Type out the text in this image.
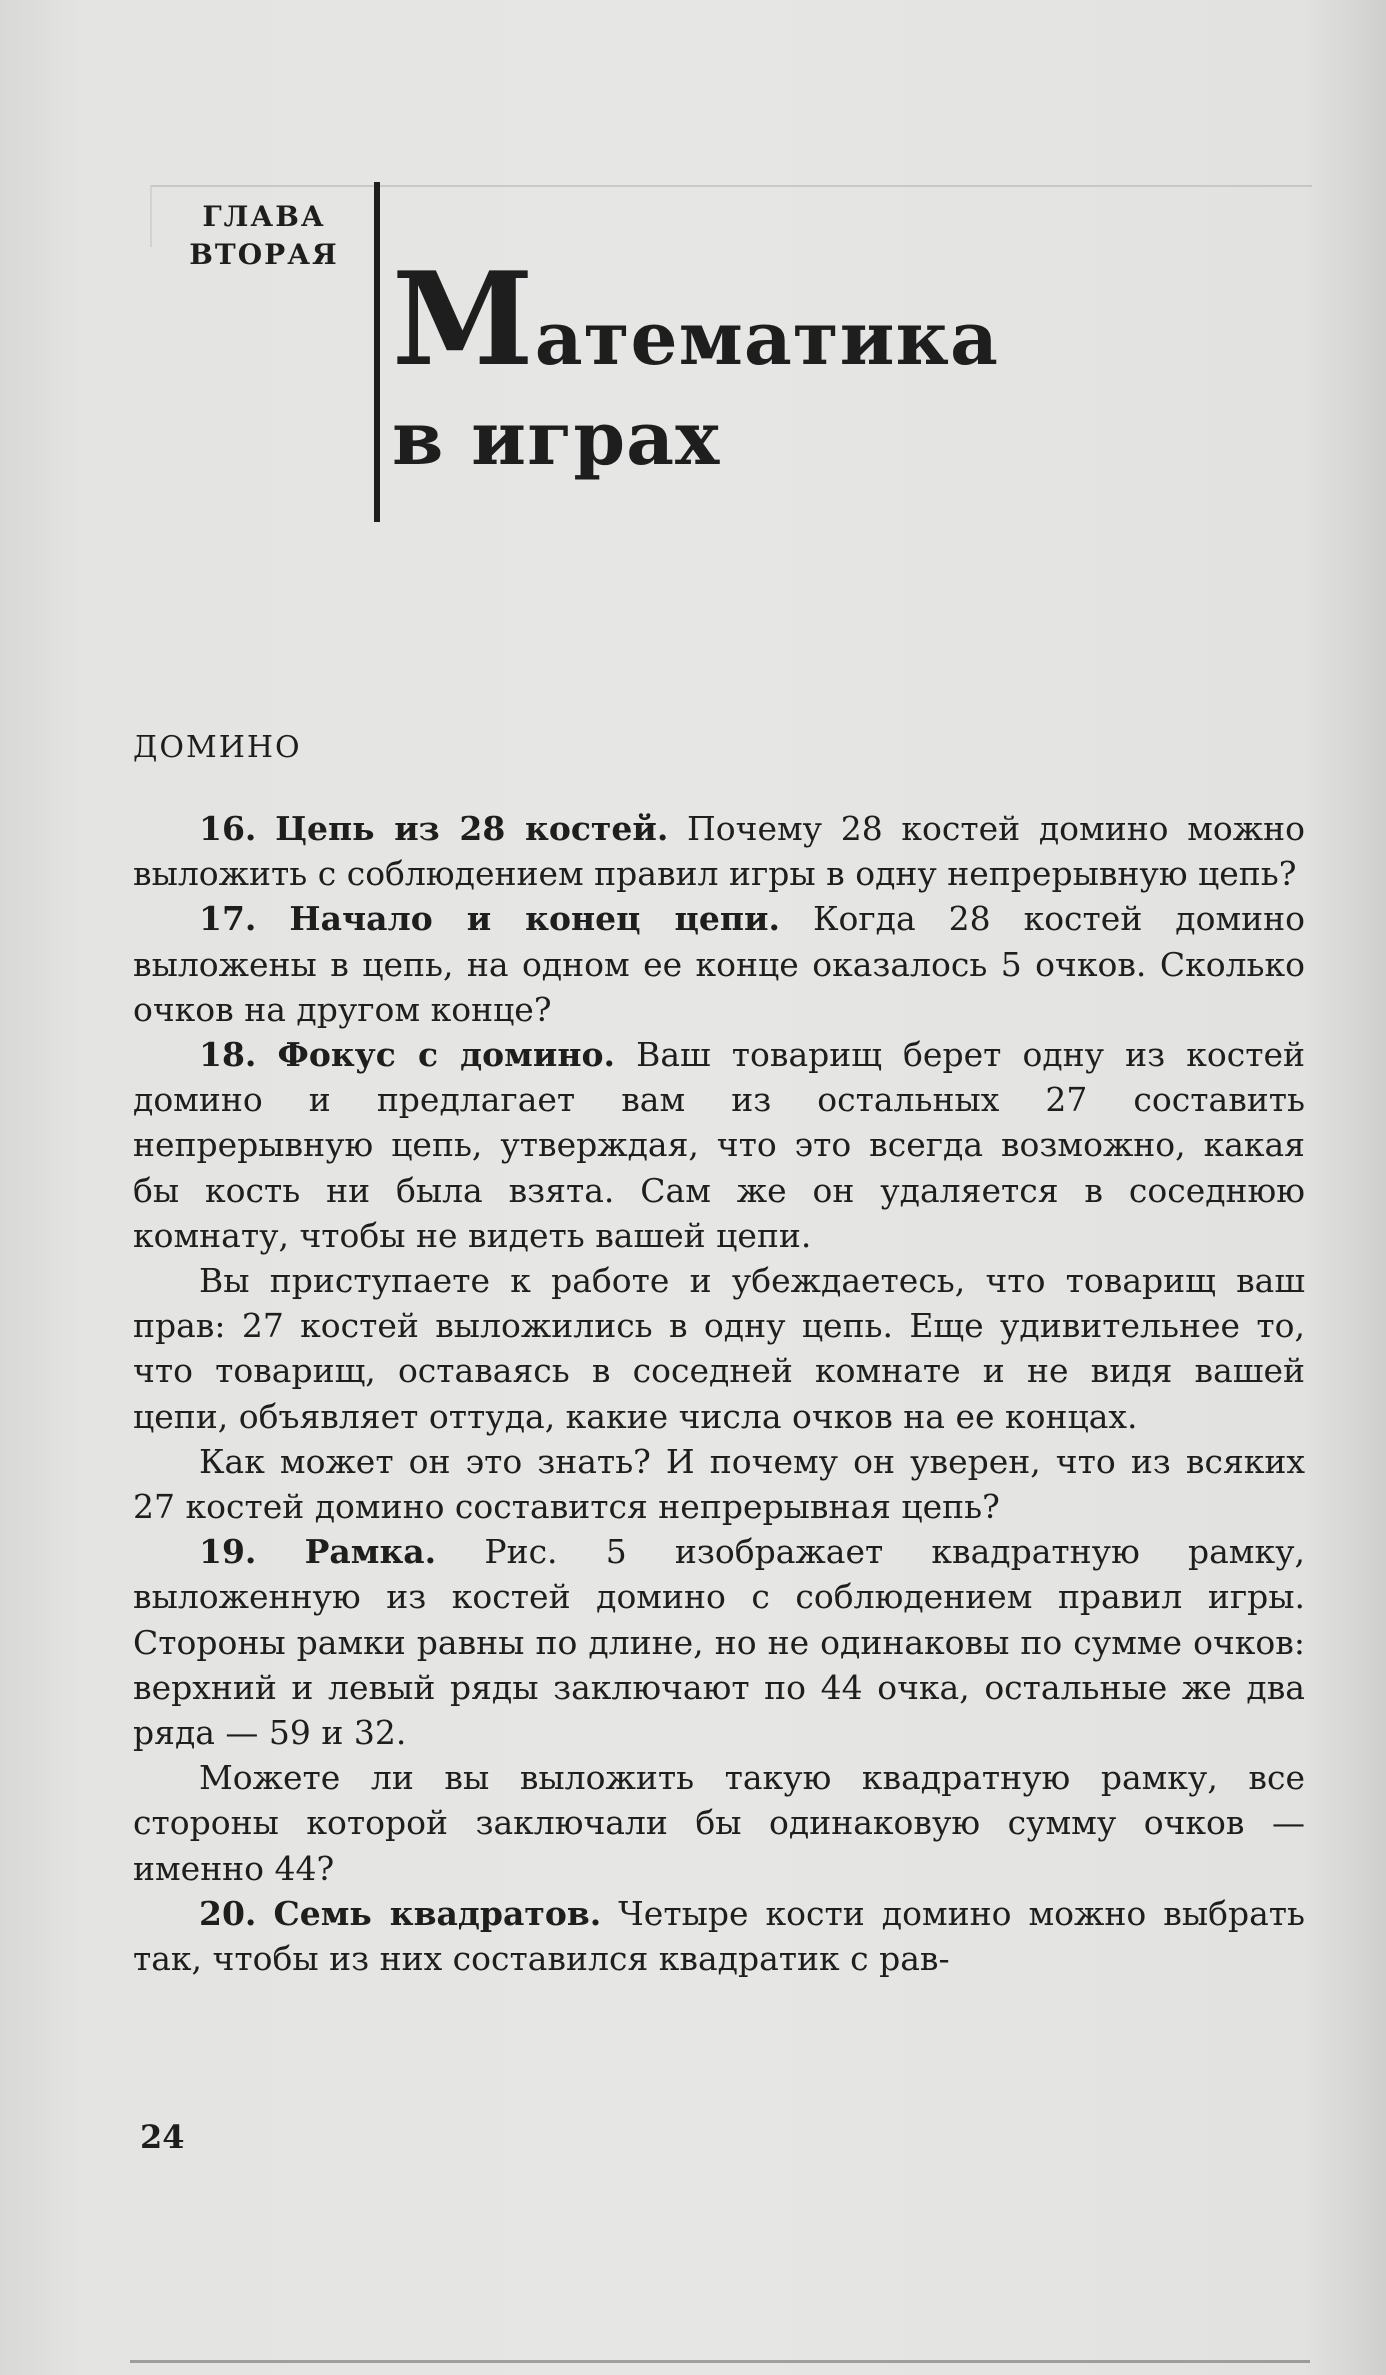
ГЛАВА
ВТОРАЯ Математика
в играх
ДОМИНО

16. Цепь из 28 костей. Почему 28 костей домино можно выложить с соблюдением правил игры в одну непрерывную цепь?

17. Начало и конец цепи. Когда 28 костей домино выложены в цепь, на одном ее конце оказалось 5 очков. Сколько очков на другом конце?

18. Фокус с домино. Ваш товарищ берет одну из костей домино и предлагает вам из остальных 27 составить непрерывную цепь, утверждая, что это всегда возможно, какая бы кость ни была взята. Сам же он удаляется в соседнюю комнату, чтобы не видеть вашей цепи.

Вы приступаете к работе и убеждаетесь, что товарищ ваш прав: 27 костей выложились в одну цепь. Еще удивительнее то, что товарищ, оставаясь в соседней комнате и не видя вашей цепи, объявляет оттуда, какие числа очков на ее концах.

Как может он это знать? И почему он уверен, что из всяких 27 костей домино составится непрерывная цепь?

19. Рамка. Рис. 5 изображает квадратную рамку, выложенную из костей домино с соблюдением правил игры. Стороны рамки равны по длине, но не одинаковы по сумме очков: верхний и левый ряды заключают по 44 очка, остальные же два ряда — 59 и 32.

Можете ли вы выложить такую квадратную рамку, все стороны которой заключали бы одинаковую сумму очков — именно 44?

20. Семь квадратов. Четыре кости домино можно выбрать так, чтобы из них составился квадратик с рав-

24
